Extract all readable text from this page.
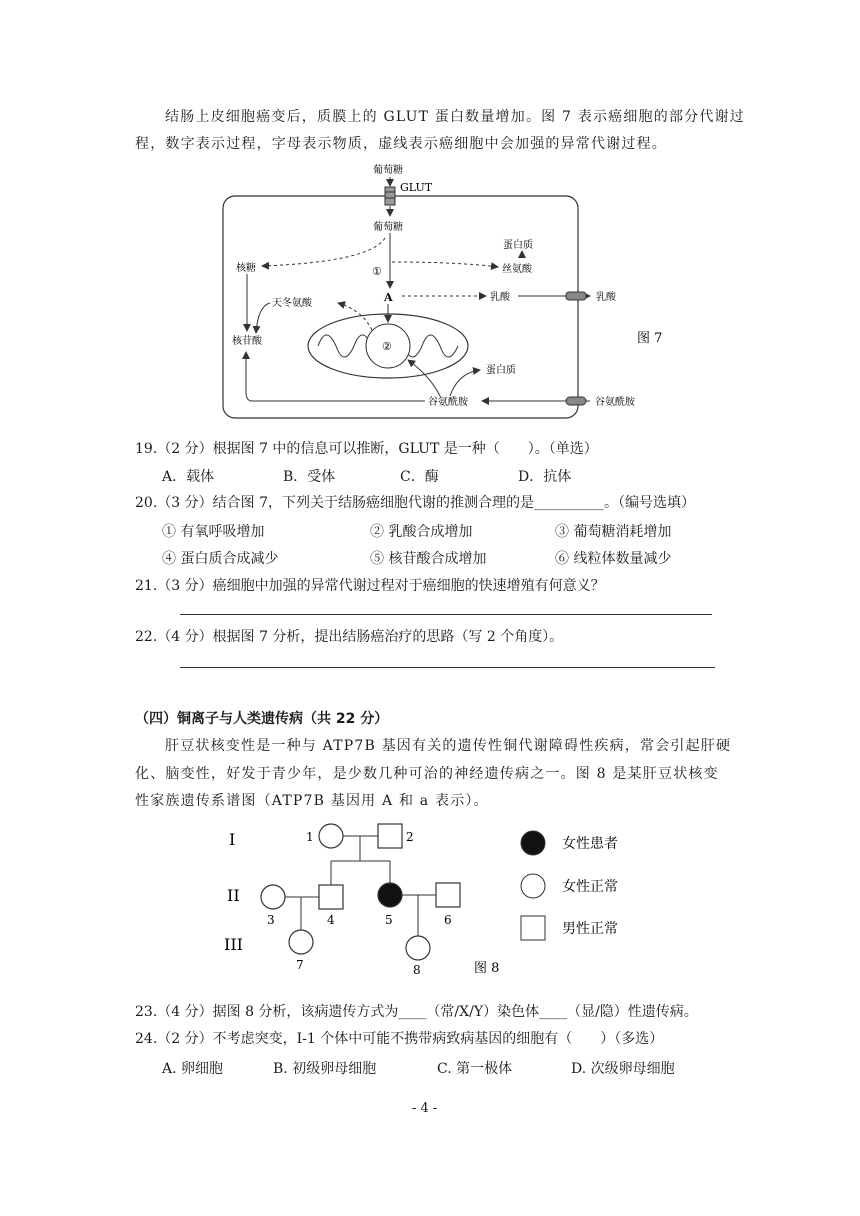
结肠上皮细胞癌变后，质膜上的 GLUT 蛋白数量增加。图 7 表示癌细胞的部分代谢过
程，数字表示过程，字母表示物质，虚线表示癌细胞中会加强的异常代谢过程。
葡萄糖
GLUT
葡萄糖
蛋白质
丝氨酸
核糖	①
A	乳酸	乳酸
天冬氨酸
核苷酸	②
蛋白质
谷氨酰胺	谷氨酰胺
图 7
19.（2 分）根据图 7 中的信息可以推断，GLUT 是一种（　　）。（单选）
A．载体	B．受体	C．酶	D．抗体
20.（3 分）结合图 7，下列关于结肠癌细胞代谢的推测合理的是__________。（编号选填）
① 有氧呼吸增加	② 乳酸合成增加	③ 葡萄糖消耗增加
④ 蛋白质合成减少	⑤ 核苷酸合成增加	⑥ 线粒体数量减少
21.（3 分）癌细胞中加强的异常代谢过程对于癌细胞的快速增殖有何意义？
22.（4 分）根据图 7 分析，提出结肠癌治疗的思路（写 2 个角度）。
（四）铜离子与人类遗传病（共 22 分）
肝豆状核变性是一种与 ATP7B 基因有关的遗传性铜代谢障碍性疾病，常会引起肝硬
化、脑变性，好发于青少年，是少数几种可治的神经遗传病之一。图 8 是某肝豆状核变
性家族遗传系谱图（ATP7B 基因用 A 和 a 表示）。
I
II
III
1	2
3	4	5	6
7	8	图 8
女性患者
女性正常
男性正常
23.（4 分）据图 8 分析，该病遗传方式为____（常/X/Y）染色体____（显/隐）性遗传病。
24.（2 分）不考虑突变，I-1 个体中可能不携带病致病基因的细胞有（　　）（多选）
A. 卵细胞	B. 初级卵母细胞	C. 第一极体	D. 次级卵母细胞
- 4 -
